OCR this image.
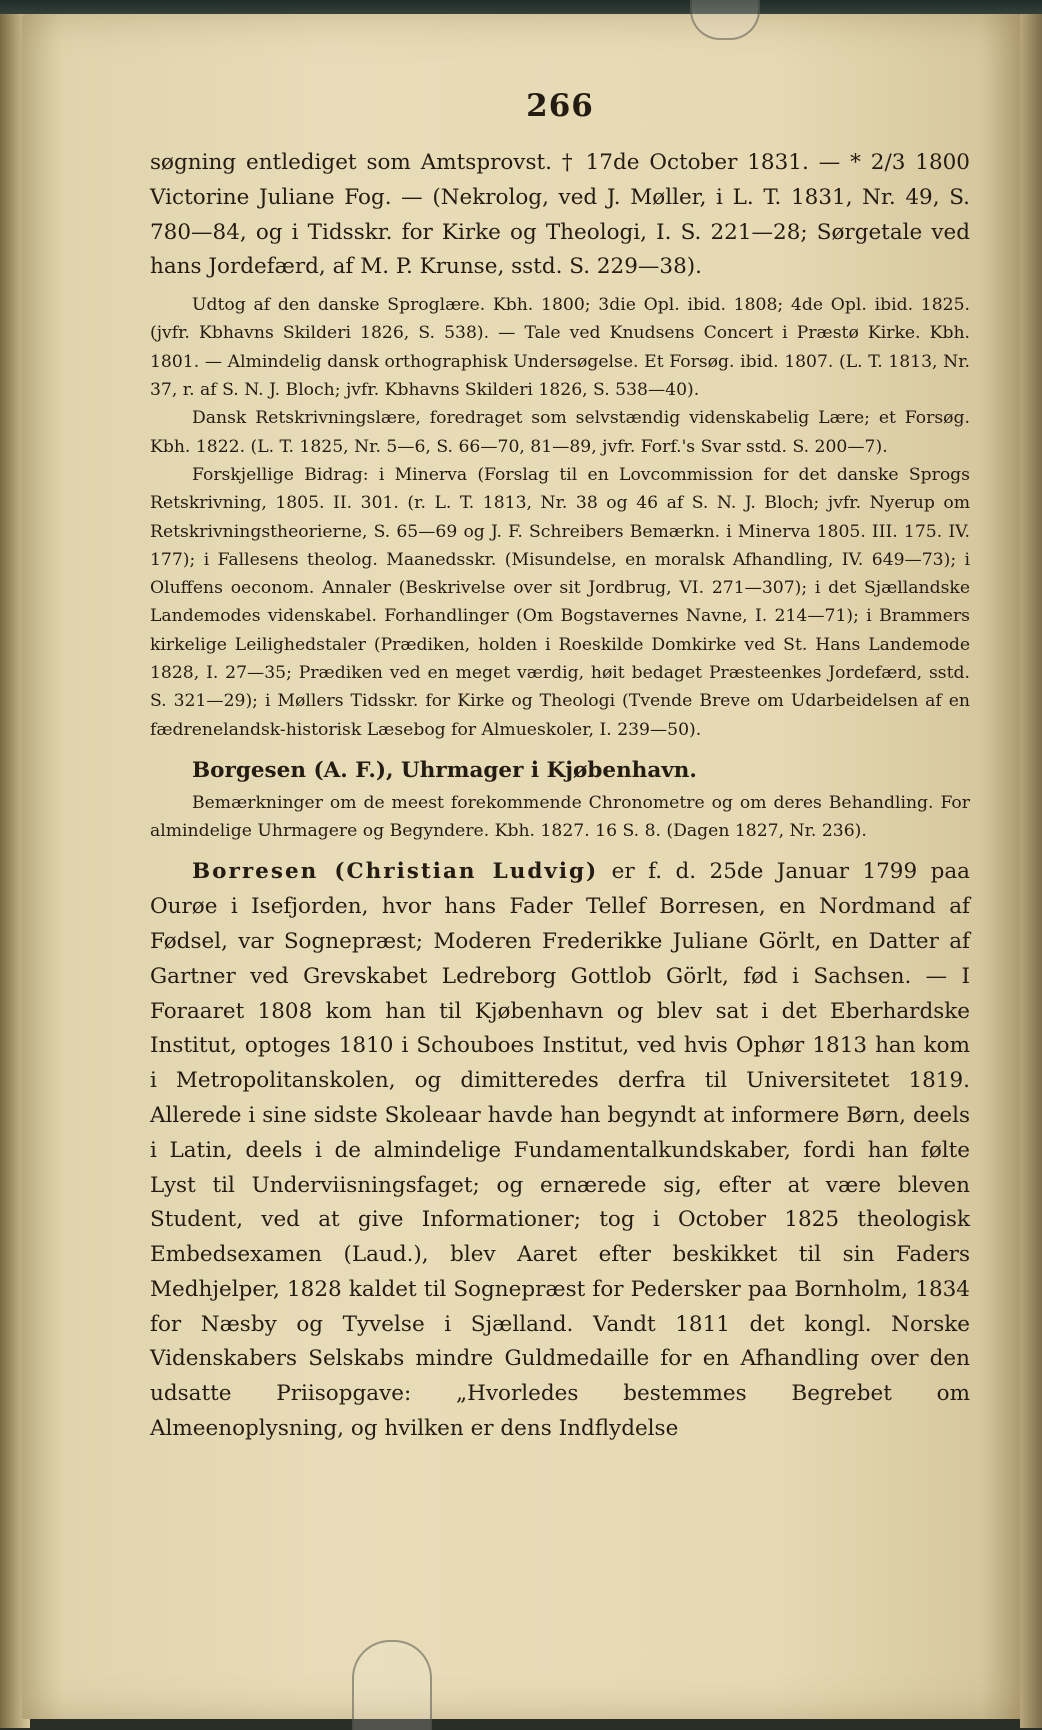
266

søgning entlediget som Amtsprovst. † 17de October 1831. — * 2/3 1800 Victorine Juliane Fog. — (Nekrolog, ved J. Møller, i L. T. 1831, Nr. 49, S. 780—84, og i Tidsskr. for Kirke og Theologi, I. S. 221—28; Sørgetale ved hans Jordefærd, af M. P. Krunse, sstd. S. 229—38).

Udtog af den danske Sproglære. Kbh. 1800; 3die Opl. ibid. 1808; 4de Opl. ibid. 1825. (jvfr. Kbhavns Skilderi 1826, S. 538). — Tale ved Knudsens Concert i Præstø Kirke. Kbh. 1801. — Almindelig dansk orthographisk Undersøgelse. Et Forsøg. ibid. 1807. (L. T. 1813, Nr. 37, r. af S. N. J. Bloch; jvfr. Kbhavns Skilderi 1826, S. 538—40).

Dansk Retskrivningslære, foredraget som selvstændig videnskabelig Lære; et Forsøg. Kbh. 1822. (L. T. 1825, Nr. 5—6, S. 66—70, 81—89, jvfr. Forf.'s Svar sstd. S. 200—7).

Forskjellige Bidrag: i Minerva (Forslag til en Lovcommission for det danske Sprogs Retskrivning, 1805. II. 301. (r. L. T. 1813, Nr. 38 og 46 af S. N. J. Bloch; jvfr. Nyerup om Retskrivningstheorierne, S. 65—69 og J. F. Schreibers Bemærkn. i Minerva 1805. III. 175. IV. 177); i Fallesens theolog. Maanedsskr. (Misundelse, en moralsk Afhandling, IV. 649—73); i Oluffens oeconom. Annaler (Beskrivelse over sit Jordbrug, VI. 271—307); i det Sjællandske Landemodes videnskabel. Forhandlinger (Om Bogstavernes Navne, I. 214—71); i Brammers kirkelige Leilighedstaler (Prædiken, holden i Roeskilde Domkirke ved St. Hans Landemode 1828, I. 27—35; Prædiken ved en meget værdig, høit bedaget Præsteenkes Jordefærd, sstd. S. 321—29); i Møllers Tidsskr. for Kirke og Theologi (Tvende Breve om Udarbeidelsen af en fædrenelandsk-historisk Læsebog for Almueskoler, I. 239—50).

Borgesen (A. F.), Uhrmager i Kjøbenhavn.

Bemærkninger om de meest forekommende Chronometre og om deres Behandling. For almindelige Uhrmagere og Begyndere. Kbh. 1827. 16 S. 8. (Dagen 1827, Nr. 236).

Borresen (Christian Ludvig) er f. d. 25de Januar 1799 paa Ourøe i Isefjorden, hvor hans Fader Tellef Borresen, en Nordmand af Fødsel, var Sognepræst; Moderen Frederikke Juliane Görlt, en Datter af Gartner ved Grevskabet Ledreborg Gottlob Görlt, fød i Sachsen. — I Foraaret 1808 kom han til Kjøbenhavn og blev sat i det Eberhardske Institut, optoges 1810 i Schouboes Institut, ved hvis Ophør 1813 han kom i Metropolitanskolen, og dimitteredes derfra til Universitetet 1819. Allerede i sine sidste Skoleaar havde han begyndt at informere Børn, deels i Latin, deels i de almindelige Fundamentalkundskaber, fordi han følte Lyst til Underviisningsfaget; og ernærede sig, efter at være bleven Student, ved at give Informationer; tog i October 1825 theologisk Embedsexamen (Laud.), blev Aaret efter beskikket til sin Faders Medhjelper, 1828 kaldet til Sognepræst for Pedersker paa Bornholm, 1834 for Næsby og Tyvelse i Sjælland. Vandt 1811 det kongl. Norske Videnskabers Selskabs mindre Guldmedaille for en Afhandling over den udsatte Priisopgave: „Hvorledes bestemmes Begrebet om Almeenoplysning, og hvilken er dens Indflydelse
